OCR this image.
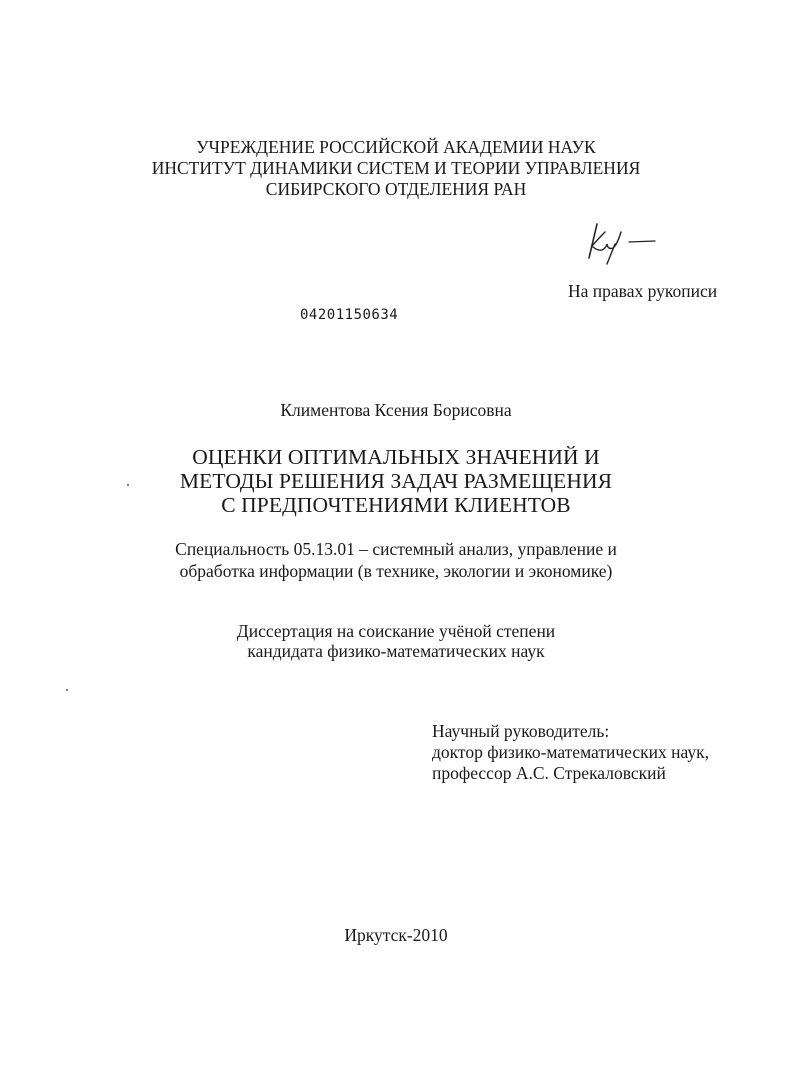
УЧРЕЖДЕНИЕ РОССИЙСКОЙ АКАДЕМИИ НАУК
ИНСТИТУТ ДИНАМИКИ СИСТЕМ И ТЕОРИИ УПРАВЛЕНИЯ
СИБИРСКОГО ОТДЕЛЕНИЯ РАН
На правах рукописи
04201150634
Климентова Ксения Борисовна
ОЦЕНКИ ОПТИМАЛЬНЫХ ЗНАЧЕНИЙ И
МЕТОДЫ РЕШЕНИЯ ЗАДАЧ РАЗМЕЩЕНИЯ
С ПРЕДПОЧТЕНИЯМИ КЛИЕНТОВ
Специальность 05.13.01 – системный анализ, управление и
обработка информации (в технике, экологии и экономике)
Диссертация на соискание учёной степени
кандидата физико-математических наук
Научный руководитель:
доктор физико-математических наук,
профессор А.С. Стрекаловский
Иркутск-2010
